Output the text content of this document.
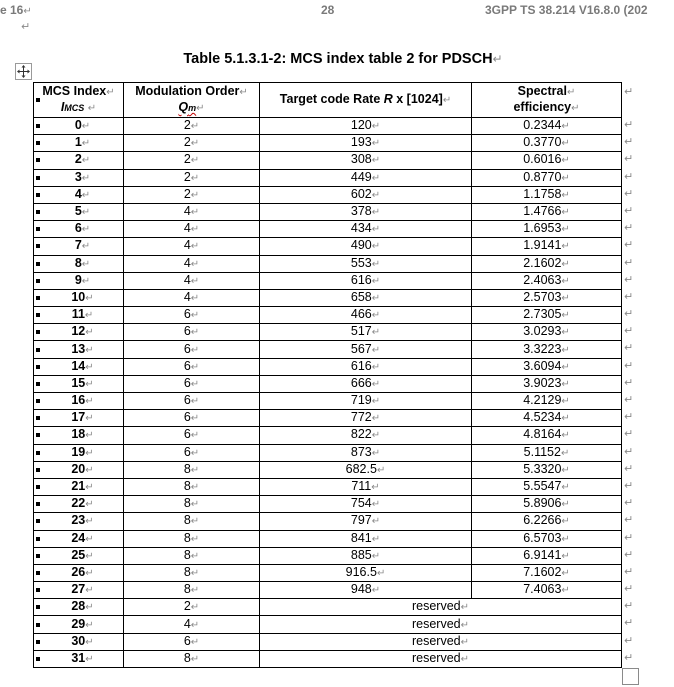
e 16↵	28	3GPP TS 38.214 V16.8.0 (202
↵
Table 5.1.3.1-2: MCS index table 2 for PDSCH↵
MCS Index↵
IMCS ↵	Modulation Order↵
Qm↵	Target code Rate R x [1024]↵	Spectral↵
efficiency↵

0↵	2↵	120↵	0.2344↵

1↵	2↵	193↵	0.3770↵

2↵	2↵	308↵	0.6016↵

3↵	2↵	449↵	0.8770↵

4↵	2↵	602↵	1.1758↵

5↵	4↵	378↵	1.4766↵

6↵	4↵	434↵	1.6953↵

7↵	4↵	490↵	1.9141↵

8↵	4↵	553↵	2.1602↵

9↵	4↵	616↵	2.4063↵

10↵	4↵	658↵	2.5703↵

11↵	6↵	466↵	2.7305↵

12↵	6↵	517↵	3.0293↵

13↵	6↵	567↵	3.3223↵

14↵	6↵	616↵	3.6094↵

15↵	6↵	666↵	3.9023↵

16↵	6↵	719↵	4.2129↵

17↵	6↵	772↵	4.5234↵

18↵	6↵	822↵	4.8164↵

19↵	6↵	873↵	5.1152↵

20↵	8↵	682.5↵	5.3320↵

21↵	8↵	711↵	5.5547↵

22↵	8↵	754↵	5.8906↵

23↵	8↵	797↵	6.2266↵

24↵	8↵	841↵	6.5703↵

25↵	8↵	885↵	6.9141↵

26↵	8↵	916.5↵	7.1602↵

27↵	8↵	948↵	7.4063↵

28↵	2↵	reserved↵	

29↵	4↵	reserved↵	

30↵	6↵	reserved↵	

31↵	8↵	reserved↵	
↵
↵
↵
↵
↵
↵
↵
↵
↵
↵
↵
↵
↵
↵
↵
↵
↵
↵
↵
↵
↵
↵
↵
↵
↵
↵
↵
↵
↵
↵
↵
↵
↵
